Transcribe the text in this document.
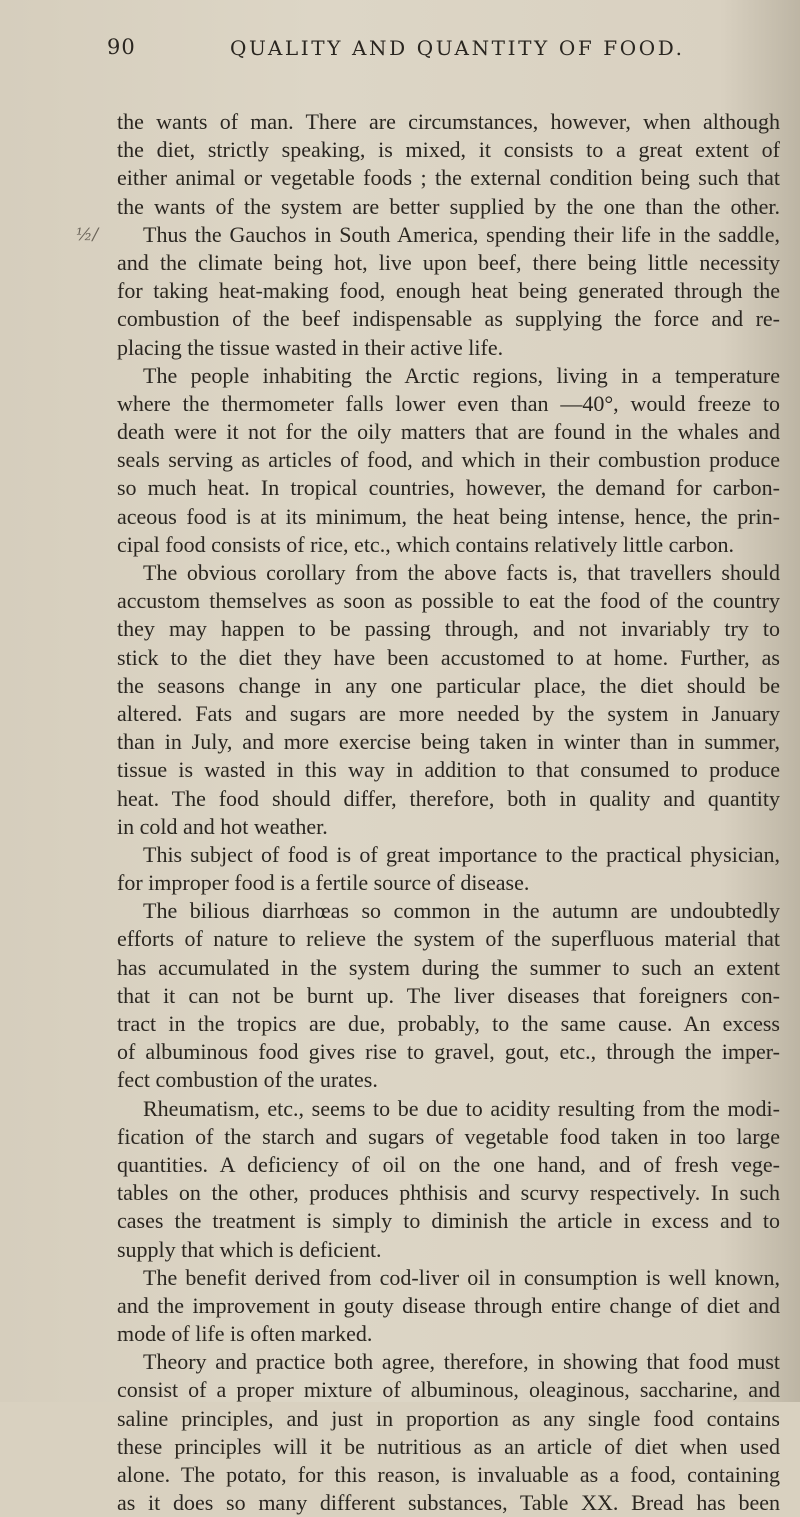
90	QUALITY AND QUANTITY OF FOOD.
½/
the wants of man. There are circumstances, however, when although
the diet, strictly speaking, is mixed, it consists to a great extent of
either animal or vegetable foods ; the external condition being such that
the wants of the system are better supplied by the one than the other.
Thus the Gauchos in South America, spending their life in the saddle,
and the climate being hot, live upon beef, there being little necessity
for taking heat-making food, enough heat being generated through the
combustion of the beef indispensable as supplying the force and re-
placing the tissue wasted in their active life.
The people inhabiting the Arctic regions, living in a temperature
where the thermometer falls lower even than —40°, would freeze to
death were it not for the oily matters that are found in the whales and
seals serving as articles of food, and which in their combustion produce
so much heat. In tropical countries, however, the demand for carbon-
aceous food is at its minimum, the heat being intense, hence, the prin-
cipal food consists of rice, etc., which contains relatively little carbon.
The obvious corollary from the above facts is, that travellers should
accustom themselves as soon as possible to eat the food of the country
they may happen to be passing through, and not invariably try to
stick to the diet they have been accustomed to at home. Further, as
the seasons change in any one particular place, the diet should be
altered. Fats and sugars are more needed by the system in January
than in July, and more exercise being taken in winter than in summer,
tissue is wasted in this way in addition to that consumed to produce
heat. The food should differ, therefore, both in quality and quantity
in cold and hot weather.
This subject of food is of great importance to the practical physician,
for improper food is a fertile source of disease.
The bilious diarrhœas so common in the autumn are undoubtedly
efforts of nature to relieve the system of the superfluous material that
has accumulated in the system during the summer to such an extent
that it can not be burnt up. The liver diseases that foreigners con-
tract in the tropics are due, probably, to the same cause. An excess
of albuminous food gives rise to gravel, gout, etc., through the imper-
fect combustion of the urates.
Rheumatism, etc., seems to be due to acidity resulting from the modi-
fication of the starch and sugars of vegetable food taken in too large
quantities. A deficiency of oil on the one hand, and of fresh vege-
tables on the other, produces phthisis and scurvy respectively. In such
cases the treatment is simply to diminish the article in excess and to
supply that which is deficient.
The benefit derived from cod-liver oil in consumption is well known,
and the improvement in gouty disease through entire change of diet and
mode of life is often marked.
Theory and practice both agree, therefore, in showing that food must
consist of a proper mixture of albuminous, oleaginous, saccharine, and
saline principles, and just in proportion as any single food contains
these principles will it be nutritious as an article of diet when used
alone. The potato, for this reason, is invaluable as a food, containing
as it does so many different substances, Table XX. Bread has been
